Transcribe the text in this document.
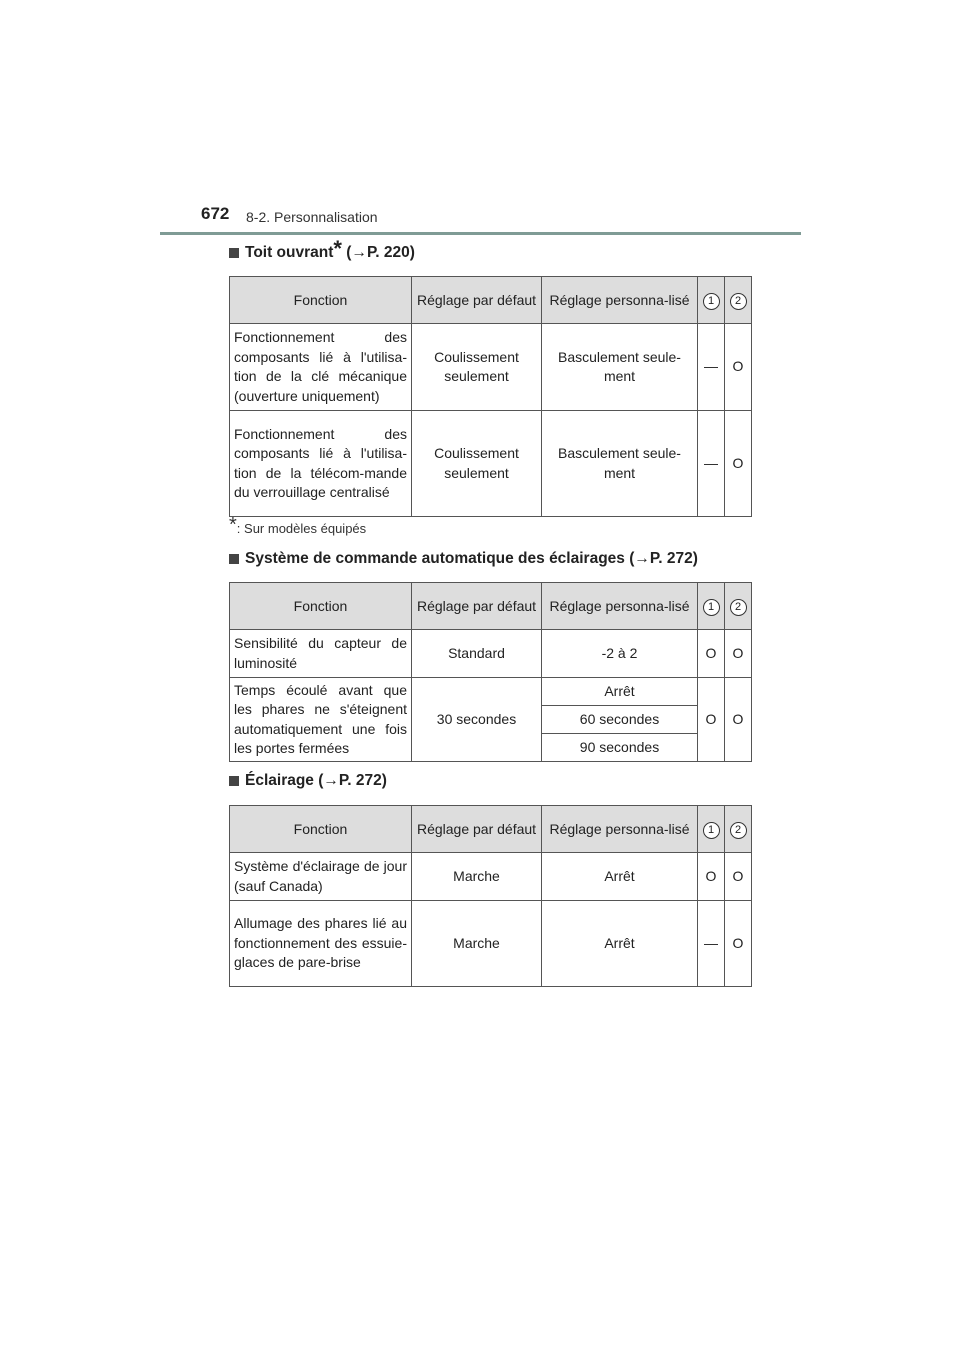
672 8-2. Personnalisation
Toit ouvrant *
(→P. 220)
Fonction	Réglage par défaut	Réglage personna-lisé	1	2
Fonctionnement des composants lié à l'utilisa-tion de la clé mécanique (ouverture uniquement)	Coulissement seulement	Basculement seule-ment	—	O
Fonctionnement des composants lié à l'utilisa-tion de la télécom-mande du verrouillage centralisé	Coulissement seulement	Basculement seule-ment	—	O
*: Sur modèles équipés
Système de commande automatique des éclairages
(→P. 272)
Fonction	Réglage par défaut	Réglage personna-lisé	1	2
Sensibilité du capteur de luminosité	Standard	-2 à 2	O	O
Temps écoulé avant que les phares ne s'éteignent automatiquement une fois les portes fermées	30 secondes	Arrêt	O	O
		60 secondes		
		90 secondes		
Éclairage
(→P. 272)
Fonction	Réglage par défaut	Réglage personna-lisé	1	2
Système d'éclairage de jour (sauf Canada)	Marche	Arrêt	O	O
Allumage des phares lié au fonctionnement des essuie-glaces de pare-brise	Marche	Arrêt	—	O
